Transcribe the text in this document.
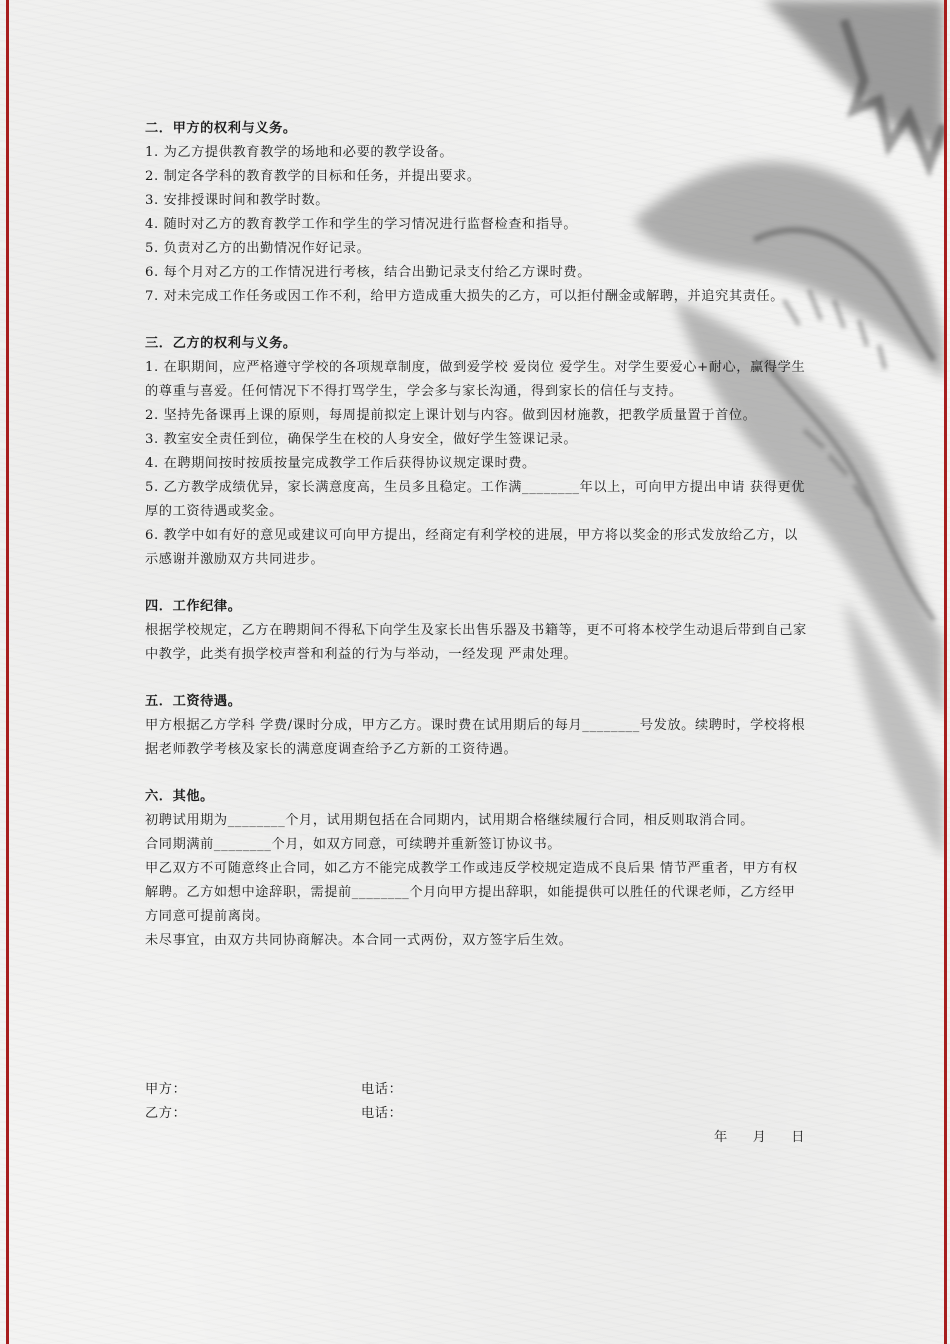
二．甲方的权利与义务。

1. 为乙方提供教育教学的场地和必要的教学设备。

2. 制定各学科的教育教学的目标和任务，并提出要求。

3. 安排授课时间和教学时数。

4. 随时对乙方的教育教学工作和学生的学习情况进行监督检查和指导。

5. 负责对乙方的出勤情况作好记录。

6. 每个月对乙方的工作情况进行考核，结合出勤记录支付给乙方课时费。

7. 对未完成工作任务或因工作不利，给甲方造成重大损失的乙方，可以拒付酬金或解聘，并追究其责任。

三．乙方的权利与义务。

1. 在职期间，应严格遵守学校的各项规章制度，做到爱学校 爱岗位 爱学生。对学生要爱心+耐心，赢得学生的尊重与喜爱。任何情况下不得打骂学生，学会多与家长沟通，得到家长的信任与支持。

2. 坚持先备课再上课的原则，每周提前拟定上课计划与内容。做到因材施教，把教学质量置于首位。

3. 教室安全责任到位，确保学生在校的人身安全，做好学生签课记录。

4. 在聘期间按时按质按量完成教学工作后获得协议规定课时费。

5. 乙方教学成绩优异，家长满意度高，生员多且稳定。工作满________年以上，可向甲方提出申请 获得更优厚的工资待遇或奖金。

6. 教学中如有好的意见或建议可向甲方提出，经商定有利学校的进展，甲方将以奖金的形式发放给乙方，以示感谢并激励双方共同进步。

四．工作纪律。

根据学校规定，乙方在聘期间不得私下向学生及家长出售乐器及书籍等，更不可将本校学生动退后带到自己家中教学，此类有损学校声誉和利益的行为与举动，一经发现 严肃处理。

五．工资待遇。

甲方根据乙方学科 学费/课时分成，甲方乙方。课时费在试用期后的每月________号发放。续聘时，学校将根据老师教学考核及家长的满意度调查给予乙方新的工资待遇。

六．其他。

初聘试用期为________个月，试用期包括在合同期内，试用期合格继续履行合同，相反则取消合同。

合同期满前________个月，如双方同意，可续聘并重新签订协议书。

甲乙双方不可随意终止合同，如乙方不能完成教学工作或违反学校规定造成不良后果 情节严重者，甲方有权解聘。乙方如想中途辞职，需提前________个月向甲方提出辞职，如能提供可以胜任的代课老师，乙方经甲方同意可提前离岗。

未尽事宜，由双方共同协商解决。本合同一式两份，双方签字后生效。

甲方：	电话：
乙方：	电话：
年 月 日
